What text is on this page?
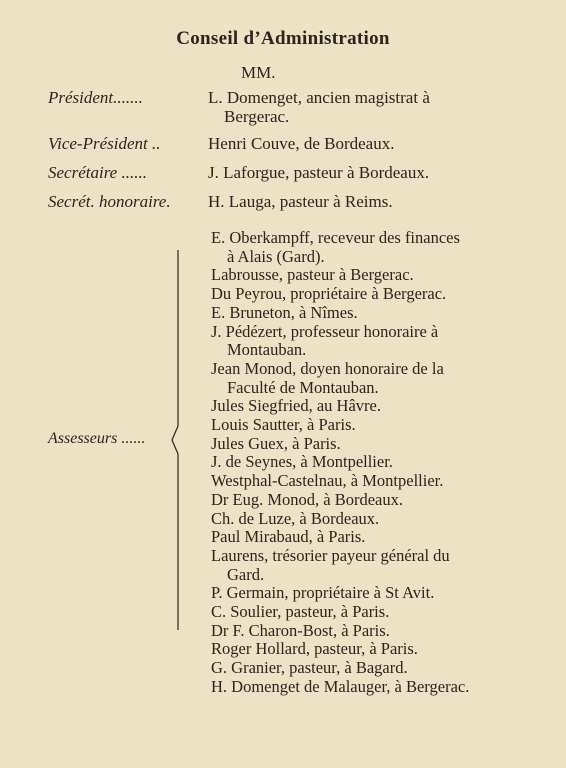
Conseil d’Administration
MM.
Président.......	L. Domenget, ancien magistrat à
Bergerac.
Vice-Président ..	Henri Couve, de Bordeaux.
Secrétaire ......	J. Laforgue, pasteur à Bordeaux.
Secrét. honoraire. H. Lauga, pasteur à Reims.
Assesseurs ......
E. Oberkampff, receveur des finances
à Alais (Gard).
Labrousse, pasteur à Bergerac.
Du Peyrou, propriétaire à Bergerac.
E. Bruneton, à Nîmes.
J. Pédézert, professeur honoraire à
Montauban.
Jean Monod, doyen honoraire de la
Faculté de Montauban.
Jules Siegfried, au Hâvre.
Louis Sautter, à Paris.
Jules Guex, à Paris.
J. de Seynes, à Montpellier.
Westphal-Castelnau, à Montpellier.
Dr Eug. Monod, à Bordeaux.
Ch. de Luze, à Bordeaux.
Paul Mirabaud, à Paris.
Laurens, trésorier payeur général du
Gard.
P. Germain, propriétaire à St Avit.
C. Soulier, pasteur, à Paris.
Dr F. Charon-Bost, à Paris.
Roger Hollard, pasteur, à Paris.
G. Granier, pasteur, à Bagard.
H. Domenget de Malauger, à Bergerac.
